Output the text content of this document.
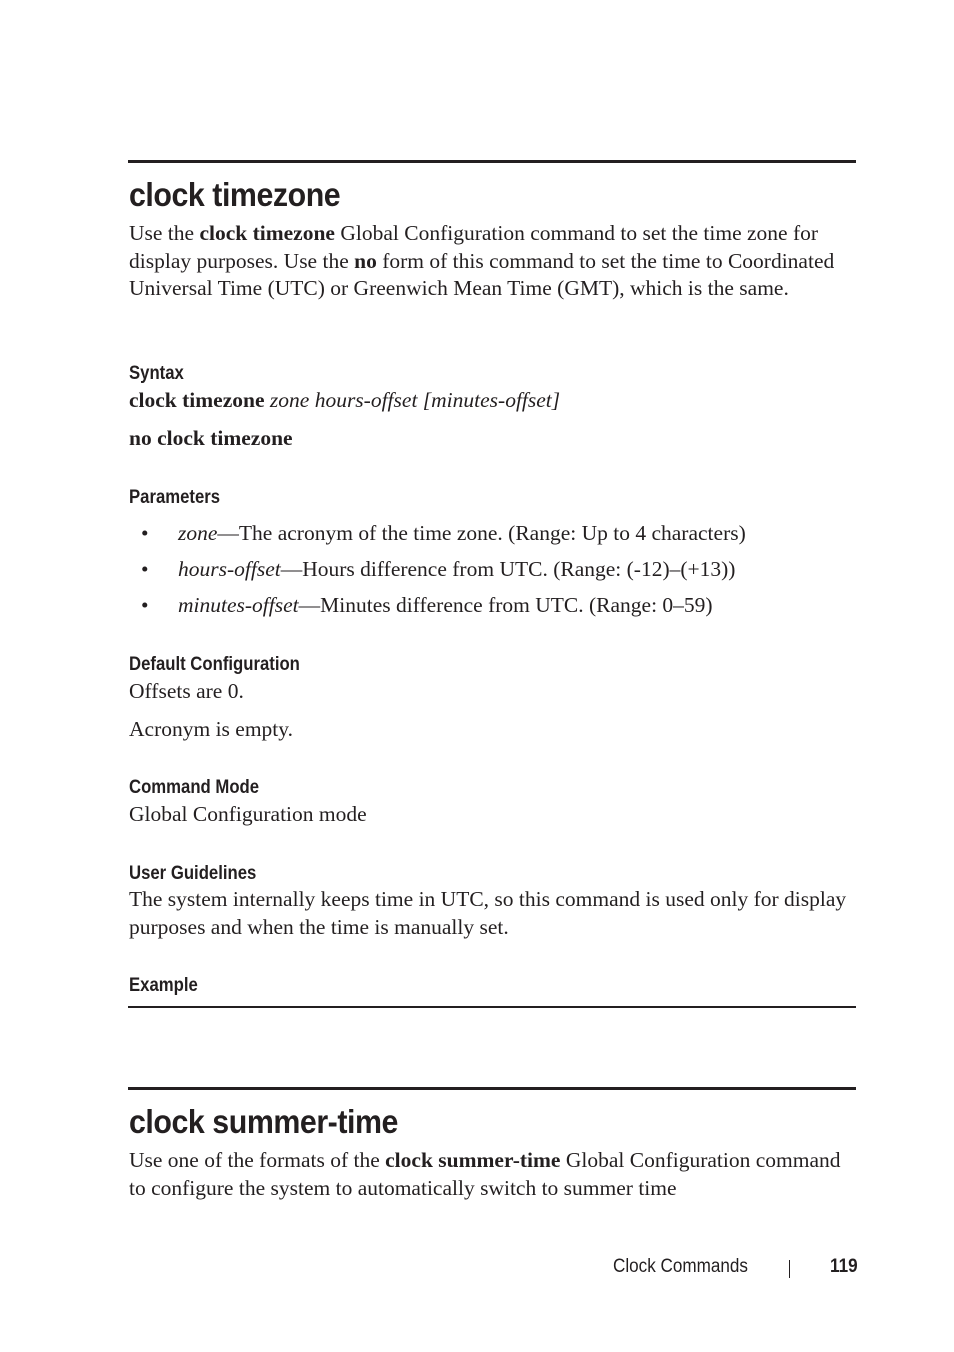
clock timezone

Use the clock timezone Global Configuration command to set the time zone for display purposes. Use the no form of this command to set the time to Coordinated Universal Time (UTC) or Greenwich Mean Time (GMT), which is the same.

Syntax
clock timezone zone hours-offset [minutes-offset]
no clock timezone
Parameters
• zone—The acronym of the time zone. (Range: Up to 4 characters)
• hours-offset—Hours difference from UTC. (Range: (-12)–(+13))
• minutes-offset—Minutes difference from UTC. (Range: 0–59)
Default Configuration
Offsets are 0.
Acronym is empty.
Command Mode
Global Configuration mode
User Guidelines

The system internally keeps time in UTC, so this command is used only for display purposes and when the time is manually set.

Example
clock summer-time

Use one of the formats of the clock summer-time Global Configuration command to configure the system to automatically switch to summer time

Clock Commands	119
